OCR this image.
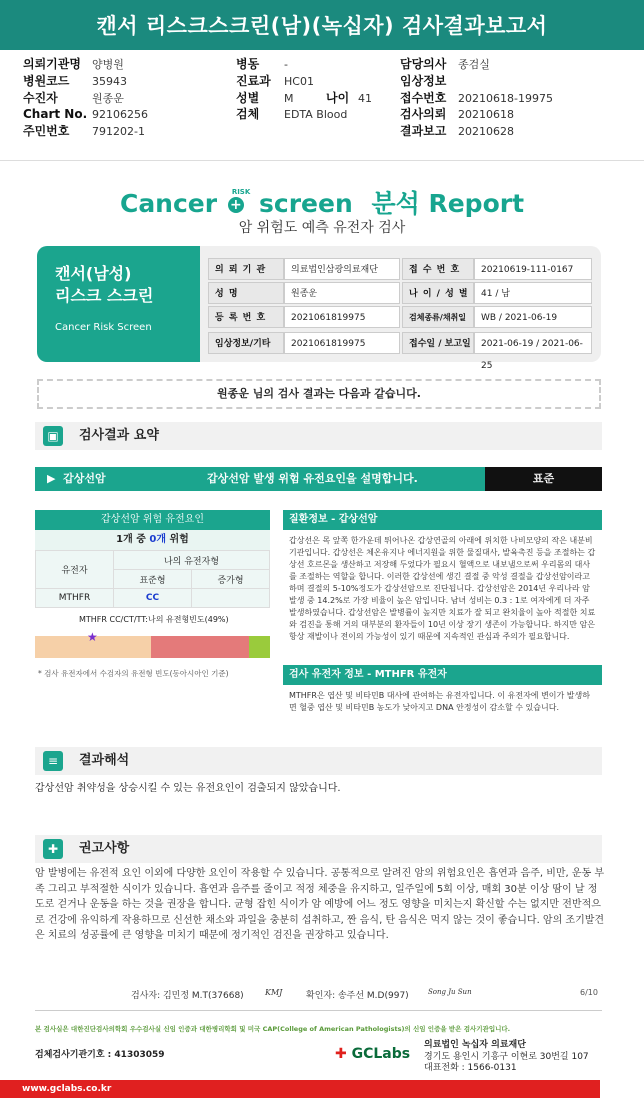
캔서 리스크스크린(남)(녹십자) 검사결과보고서
의뢰기관명 양병원
병원코드 35943
수진자	원종운
Chart No. 92106256
주민번호 791202-1
병동 -
진료과 HC01
성별 M	나이 41
검체 EDTA Blood
담당의사 종검실
임상정보
접수번호 20210618-19975
검사의뢰 20210618
결과보고 20210628
Cancer +$^{RISK}$ screen 분석 Report
암 위험도 예측 유전자 검사
캔서(남성)
리스크 스크린
Cancer Risk Screen
의 뢰 기 관	의료법인삼광의료재단	접 수 번 호	20210619-111-0167
성 명	원종운	나 이 / 성 별	41 / 남
등 록 번 호	2021061819975	검체종류/채취일	WB / 2021-06-19
임상정보/기타	2021061819975	접수일 / 보고일	2021-06-19 / 2021-06-25
원종운 님의 검사 결과는 다음과 같습니다.
▣	검사결과 요약
▶  갑상선암	갑상선암 발생 위험 유전요인을 설명합니다.	표준
갑상선암 위험 유전요인
1개 중 0개 위험
유전자	나의 유전자형	
	표준형	증가형
MTHFR	CC	
MTHFR CC/CT/TT:나의 유전형빈도(49%)
★
* 검사 유전자에서 수검자의 유전형 빈도(동아시아인 기준)
질환정보 - 갑상선암
갑상선은 목 앞쪽 한가운데 튀어나온 갑상연골의 아래에 위치한 나비모양의 작은 내분비기관입니다. 갑상선은 체온유지나 에너지원을 위한 물질대사, 발육촉진 등을 조절하는 갑상선 호르몬을 생산하고 저장해 두었다가 필요시 혈액으로 내보냄으로써 우리몸의 대사를 조절하는 역할을 합니다. 이러한 갑상선에 생긴 결절 중 악성 결절을 갑상선암이라고 하며 결절의 5-10%정도가 갑상선암으로 진단됩니다. 갑상선암은 2014년 우리나라 암 발생 중 14.2%로 가장 비율이 높은 암입니다. 남녀 성비는 0.3 : 1로 여자에게 더 자주 발생하였습니다. 갑상선암은 발병률이 높지만 치료가 잘 되고 완치율이 높아 적절한 치료와 검진을 통해 거의 대부분의 환자들이 10년 이상 장기 생존이 가능합니다. 하지만 암은 항상 재발이나 전이의 가능성이 있기 때문에 지속적인 관심과 주의가 필요합니다.
검사 유전자 정보 - MTHFR 유전자
MTHFR은 엽산 및 비타민B 대사에 관여하는 유전자입니다. 이 유전자에 변이가 발생하면 혈중 엽산 및 비타민B 농도가 낮아지고 DNA 안정성이 감소할 수 있습니다.
≡	결과해석
갑상선암 취약성을 상승시킬 수 있는 유전요인이 검출되지 않았습니다.
✚	권고사항
암 발병에는 유전적 요인 이외에 다양한 요인이 작용할 수 있습니다. 공통적으로 알려진 암의 위험요인은 흡연과 음주, 비만, 운동 부족 그리고 부적절한 식이가 있습니다. 흡연과 음주를 줄이고 적정 체중을 유지하고, 일주일에 5회 이상, 매회 30분 이상 땀이 날 정도로 걷거나 운동을 하는 것을 권장을 합니다. 균형 잡힌 식이가 암 예방에 어느 정도 영향을 미치는지 확신할 수는 없지만 전반적으로 건강에 유익하게 작용하므로 신선한 채소와 과일을 충분히 섭취하고, 짠 음식, 탄 음식은 먹지 않는 것이 좋습니다. 암의 조기발견은 치료의 성공률에 큰 영향을 미치기 때문에 정기적인 검진을 권장하고 있습니다.
검사자: 김민정 M.T(37668)	KMJ	확인자: 송주선 M.D(997)	Song Ju Sun	6/10
본 검사실은 대한진단검사의학회 우수검사실 신임 인증과 대한병리학회 및 미국 CAP(College of American Pathologists)의 신임 인증을 받은 검사기관입니다.
검체검사기관기호 : 41303059	✚ GCLabs
의료법인 녹십자 의료재단
경기도 용인시 기흥구 이현로 30번길 107
대표전화 : 1566-0131
www.gclabs.co.kr
